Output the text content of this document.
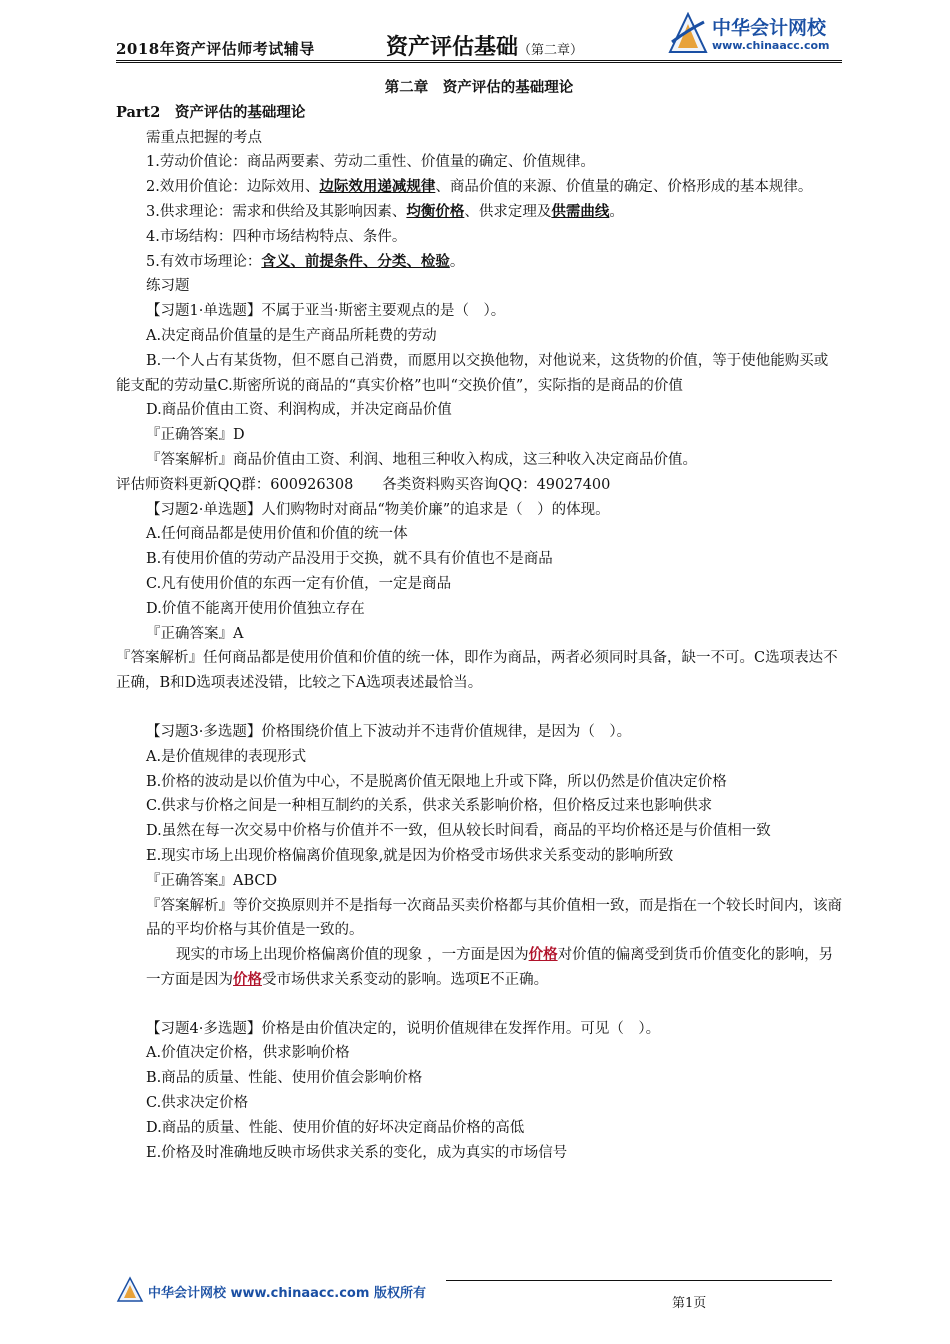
2018年资产评估师考试辅导	资产评估基础（第二章）
中华会计网校
www.chinaacc.com

第二章　资产评估的基础理论

Part2　资产评估的基础理论

需重点把握的考点

1.劳动价值论：商品两要素、劳动二重性、价值量的确定、价值规律。

2.效用价值论：边际效用、边际效用递减规律、商品价值的来源、价值量的确定、价格形成的基本规律。

3.供求理论：需求和供给及其影响因素、均衡价格、供求定理及供需曲线。

4.市场结构：四种市场结构特点、条件。

5.有效市场理论：含义、前提条件、分类、检验。

练习题

【习题1·单选题】不属于亚当·斯密主要观点的是（　）。

A.决定商品价值量的是生产商品所耗费的劳动

B.一个人占有某货物，但不愿自己消费，而愿用以交换他物，对他说来，这货物的价值，等于使他能购买或能支配的劳动量C.斯密所说的商品的“真实价格”也叫“交换价值”，实际指的是商品的价值

D.商品价值由工资、利润构成，并决定商品价值

『正确答案』D

『答案解析』商品价值由工资、利润、地租三种收入构成，这三种收入决定商品价值。

评估师资料更新QQ群：600926308　　各类资料购买咨询QQ：49027400

【习题2·单选题】人们购物时对商品“物美价廉”的追求是（　）的体现。

A.任何商品都是使用价值和价值的统一体

B.有使用价值的劳动产品没用于交换，就不具有价值也不是商品

C.凡有使用价值的东西一定有价值，一定是商品

D.价值不能离开使用价值独立存在

『正确答案』A

『答案解析』任何商品都是使用价值和价值的统一体，即作为商品，两者必须同时具备，缺一不可。C选项表达不正确，B和D选项表述没错，比较之下A选项表述最恰当。

【习题3·多选题】价格围绕价值上下波动并不违背价值规律，是因为（　）。

A.是价值规律的表现形式

B.价格的波动是以价值为中心，不是脱离价值无限地上升或下降，所以仍然是价值决定价格

C.供求与价格之间是一种相互制约的关系，供求关系影响价格，但价格反过来也影响供求

D.虽然在每一次交易中价格与价值并不一致，但从较长时间看，商品的平均价格还是与价值相一致

E.现实市场上出现价格偏离价值现象,就是因为价格受市场供求关系变动的影响所致

『正确答案』ABCD

『答案解析』等价交换原则并不是指每一次商品买卖价格都与其价值相一致，而是指在一个较长时间内，该商品的平均价格与其价值是一致的。

现实的市场上出现价格偏离价值的现象 ，一方面是因为价格对价值的偏离受到货币价值变化的影响，另一方面是因为价格受市场供求关系变动的影响。选项E不正确。

【习题4·多选题】价格是由价值决定的，说明价值规律在发挥作用。可见（　）。

A.价值决定价格，供求影响价格

B.商品的质量、性能、使用价值会影响价格

C.供求决定价格

D.商品的质量、性能、使用价值的好坏决定商品价格的高低

E.价格及时准确地反映市场供求关系的变化，成为真实的市场信号

中华会计网校 www.chinaacc.com 版权所有
第1页
